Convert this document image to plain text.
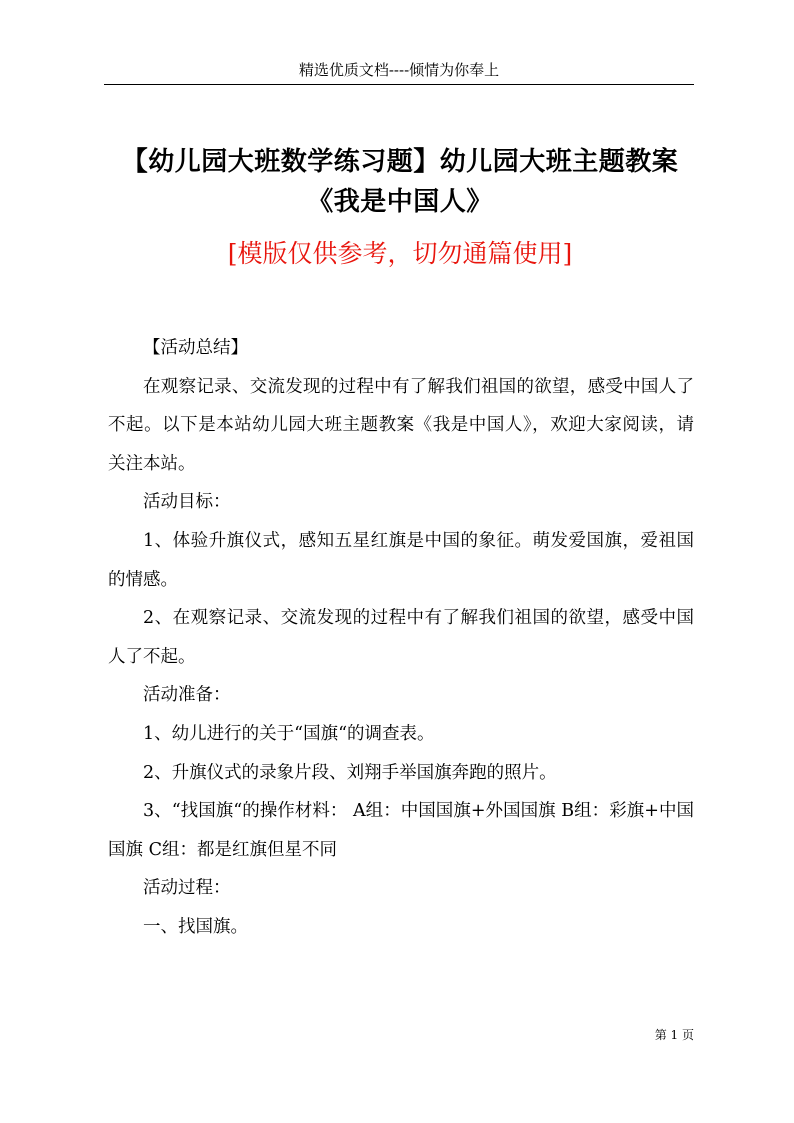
精选优质文档----倾情为你奉上
【幼儿园大班数学练习题】幼儿园大班主题教案《我是中国人》
[模版仅供参考，切勿通篇使用]

【活动总结】

在观察记录、交流发现的过程中有了解我们祖国的欲望，感受中国人了不起。以下是本站幼儿园大班主题教案《我是中国人》，欢迎大家阅读，请关注本站。

活动目标：

1、体验升旗仪式，感知五星红旗是中国的象征。萌发爱国旗，爱祖国的情感。

2、在观察记录、交流发现的过程中有了解我们祖国的欲望，感受中国人了不起。

活动准备：

1、幼儿进行的关于“国旗“的调查表。

2、升旗仪式的录象片段、刘翔手举国旗奔跑的照片。

3、“找国旗“的操作材料： A组：中国国旗+外国国旗 B组：彩旗+中国国旗 C组：都是红旗但星不同

活动过程：

一、找国旗。

第 1 页
